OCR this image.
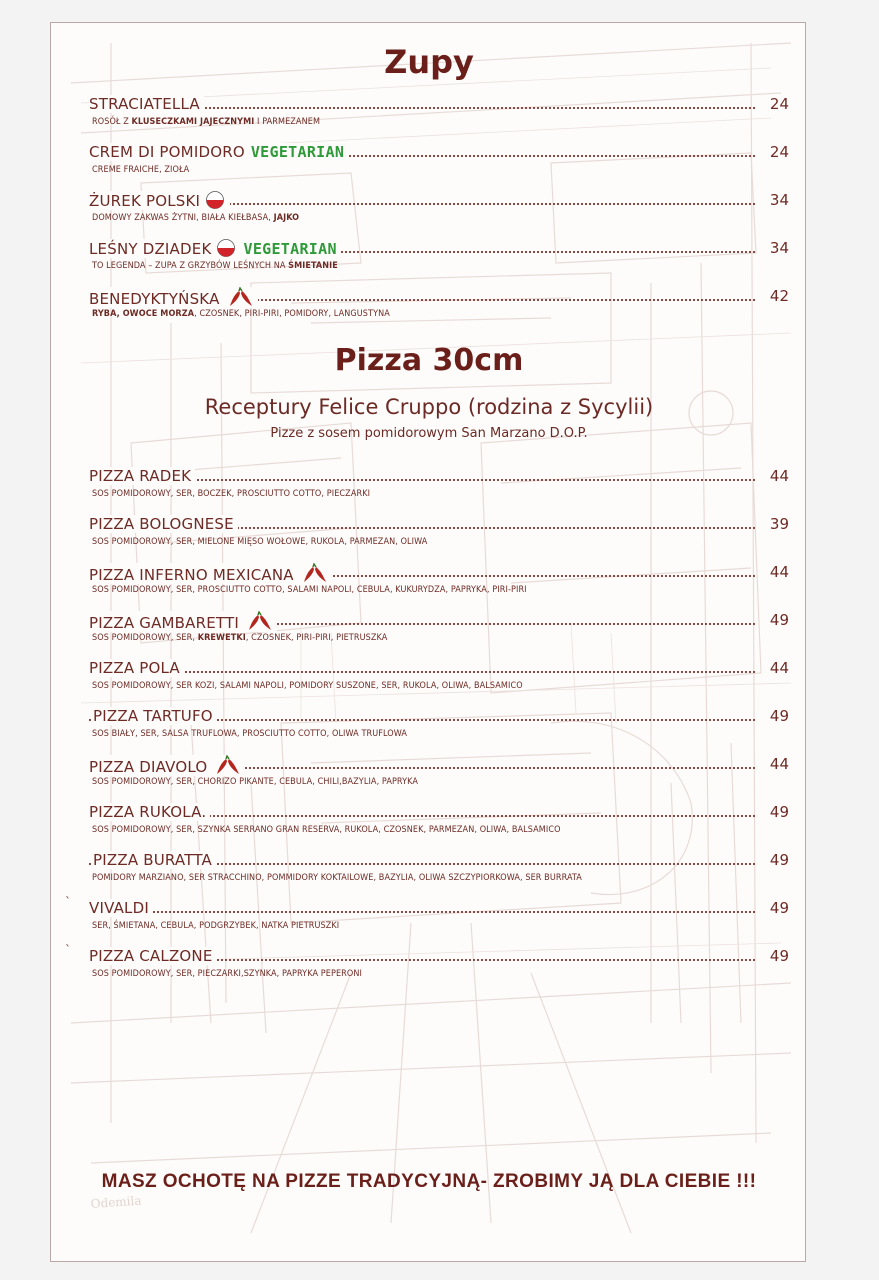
Odemila
Zupy
STRACIATELLA	24
ROSÓŁ Z KLUSECZKAMI JAJECZNYMI I PARMEZANEM
CREM DI POMIDORO VEGETARIAN	24
CREME FRAICHE, ZIOŁA
ŻUREK POLSKI	34
DOMOWY ZAKWAS ŻYTNI, BIAŁA KIEŁBASA, JAJKO
LEŚNY DZIADEK VEGETARIAN	34
TO LEGENDA – ZUPA Z GRZYBÓW LEŚNYCH NA ŚMIETANIE
BENEDYKTYŃSKA	42
RYBA, OWOCE MORZA, CZOSNEK, PIRI-PIRI, POMIDORY, LANGUSTYNA
Pizza 30cm
Receptury Felice Cruppo (rodzina z Sycylii)
Pizze z sosem pomidorowym San Marzano D.O.P.
PIZZA RADEK	44
SOS POMIDOROWY, SER, BOCZEK, PROSCIUTTO COTTO, PIECZARKI
PIZZA BOLOGNESE	39
SOS POMIDOROWY, SER, MIELONE MIĘSO WOŁOWE, RUKOLA, PARMEZAN, OLIWA
PIZZA INFERNO MEXICANA	44
SOS POMIDOROWY, SER, PROSCIUTTO COTTO, SALAMI NAPOLI, CEBULA, KUKURYDZA, PAPRYKA, PIRI-PIRI
PIZZA GAMBARETTI	49
SOS POMIDOROWY, SER, KREWETKI, CZOSNEK, PIRI-PIRI, PIETRUSZKA
PIZZA POLA	44
SOS POMIDOROWY, SER KOZI, SALAMI NAPOLI, POMIDORY SUSZONE, SER, RUKOLA, OLIWA, BALSAMICO
PIZZA TARTUFO	49
SOS BIAŁY, SER, SALSA TRUFLOWA, PROSCIUTTO COTTO, OLIWA TRUFLOWA
PIZZA DIAVOLO	44
SOS POMIDOROWY, SER, CHORIZO PIKANTE, CEBULA, CHILI,BAZYLIA, PAPRYKA
PIZZA RUKOLA.	49
SOS POMIDOROWY, SER, SZYNKA SERRANO GRAN RESERVA, RUKOLA, CZOSNEK, PARMEZAN, OLIWA, BALSAMICO
PIZZA BURATTA	49
POMIDORY MARZIANO, SER STRACCHINO, POMMIDORY KOKTAILOWE, BAZYLIA, OLIWA SZCZYPIORKOWA, SER BURRATA
` VIVALDI	49
SER, ŚMIETANA, CEBULA, PODGRZYBEK, NATKA PIETRUSZKI
` PIZZA CALZONE	49
SOS POMIDOROWY, SER, PIECZARKI,SZYNKA, PAPRYKA PEPERONI
MASZ OCHOTĘ NA PIZZE TRADYCYJNĄ- ZROBIMY JĄ DLA CIEBIE !!!
